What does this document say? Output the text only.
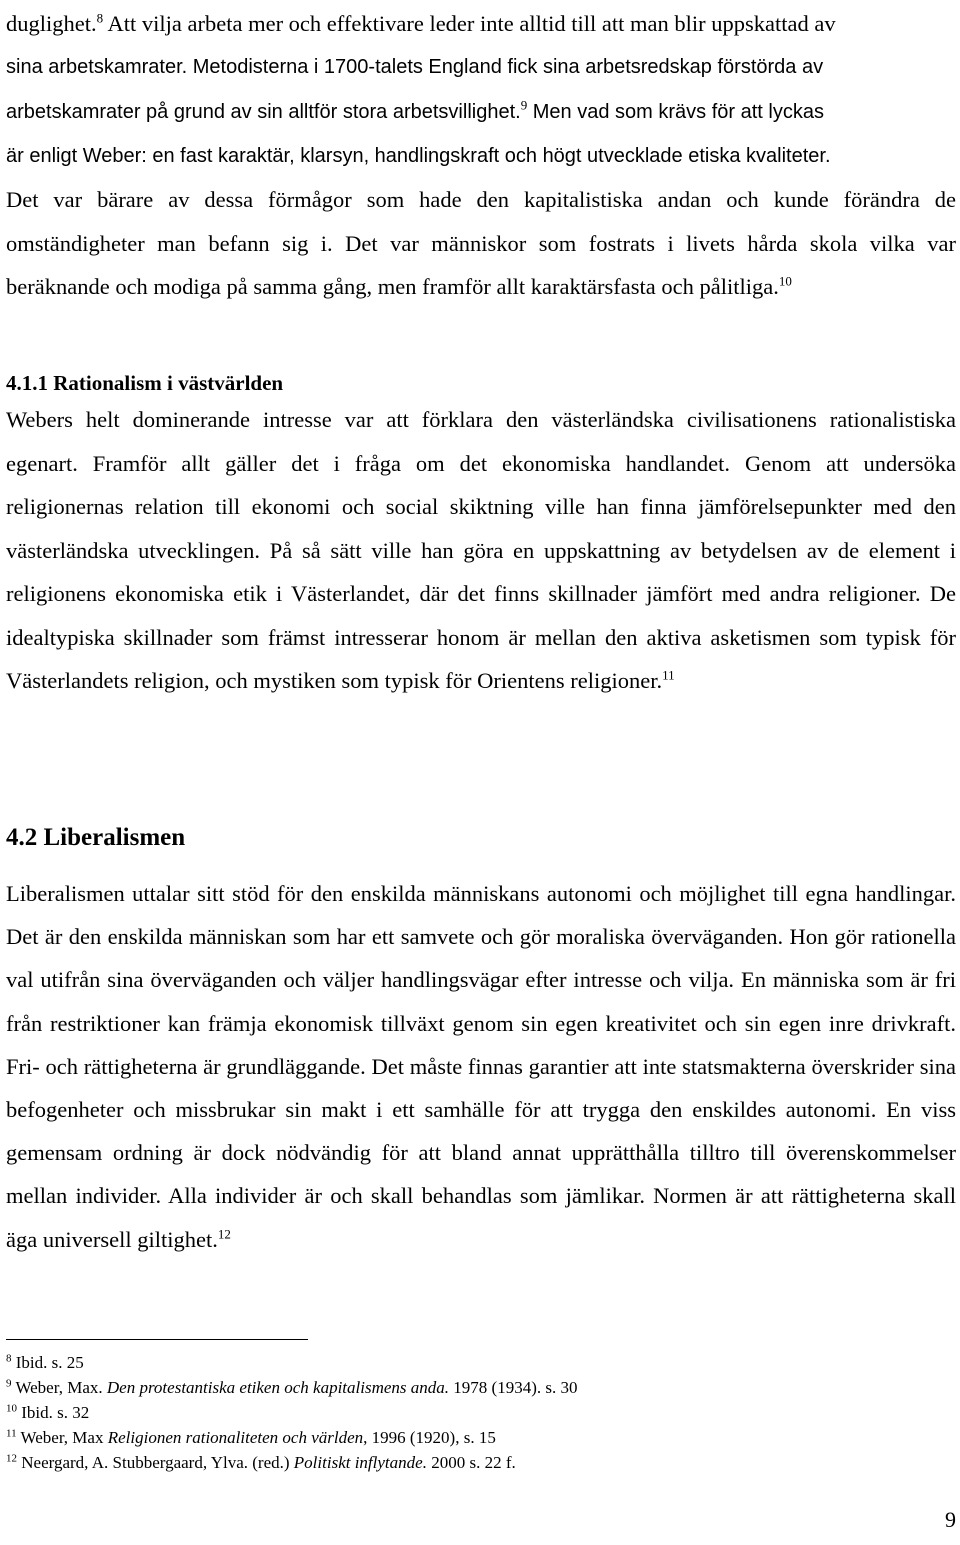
duglighet.$^8$ Att vilja arbeta mer och effektivare leder inte alltid till att man blir uppskattad av
sina arbetskamrater. Metodisterna i 1700-talets England fick sina arbetsredskap förstörda av
arbetskamrater på grund av sin alltför stora arbetsvillighet.$^9$ Men vad som krävs för att lyckas
är enligt Weber: en fast karaktär, klarsyn, handlingskraft och högt utvecklade etiska kvaliteter.
Det var bärare av dessa förmågor som hade den kapitalistiska andan och kunde förändra de
omständigheter man befann sig i. Det var människor som fostrats i livets hårda skola vilka var
beräknande och modiga på samma gång, men framför allt karaktärsfasta och pålitliga.$^{10}$
4.1.1 Rationalism i västvärlden

Webers helt dominerande intresse var att förklara den västerländska civilisationens rationalistiska egenart. Framför allt gäller det i fråga om det ekonomiska handlandet. Genom att undersöka religionernas relation till ekonomi och social skiktning ville han finna jämförelsepunkter med den västerländska utvecklingen. På så sätt ville han göra en uppskattning av betydelsen av de element i religionens ekonomiska etik i Västerlandet, där det finns skillnader jämfört med andra religioner. De idealtypiska skillnader som främst intresserar honom är mellan den aktiva asketismen som typisk för Västerlandets religion, och mystiken som typisk för Orientens religioner.$^{11}$

4.2 Liberalismen

Liberalismen uttalar sitt stöd för den enskilda människans autonomi och möjlighet till egna handlingar. Det är den enskilda människan som har ett samvete och gör moraliska överväganden. Hon gör rationella val utifrån sina överväganden och väljer handlingsvägar efter intresse och vilja. En människa som är fri från restriktioner kan främja ekonomisk tillväxt genom sin egen kreativitet och sin egen inre drivkraft. Fri- och rättigheterna är grundläggande. Det måste finnas garantier att inte statsmakterna överskrider sina befogenheter och missbrukar sin makt i ett samhälle för att trygga den enskildes autonomi. En viss gemensam ordning är dock nödvändig för att bland annat upprätthålla tilltro till överenskommelser mellan individer. Alla individer är och skall behandlas som jämlikar. Normen är att rättigheterna skall äga universell giltighet.$^{12}$

$^8$ Ibid. s. 25
$^9$ Weber, Max. Den protestantiska etiken och kapitalismens anda. 1978 (1934). s. 30
$^{10}$ Ibid. s. 32
$^{11}$ Weber, Max Religionen rationaliteten och världen, 1996 (1920), s. 15
$^{12}$ Neergard, A. Stubbergaard, Ylva. (red.) Politiskt inflytande. 2000 s. 22 f.
9
